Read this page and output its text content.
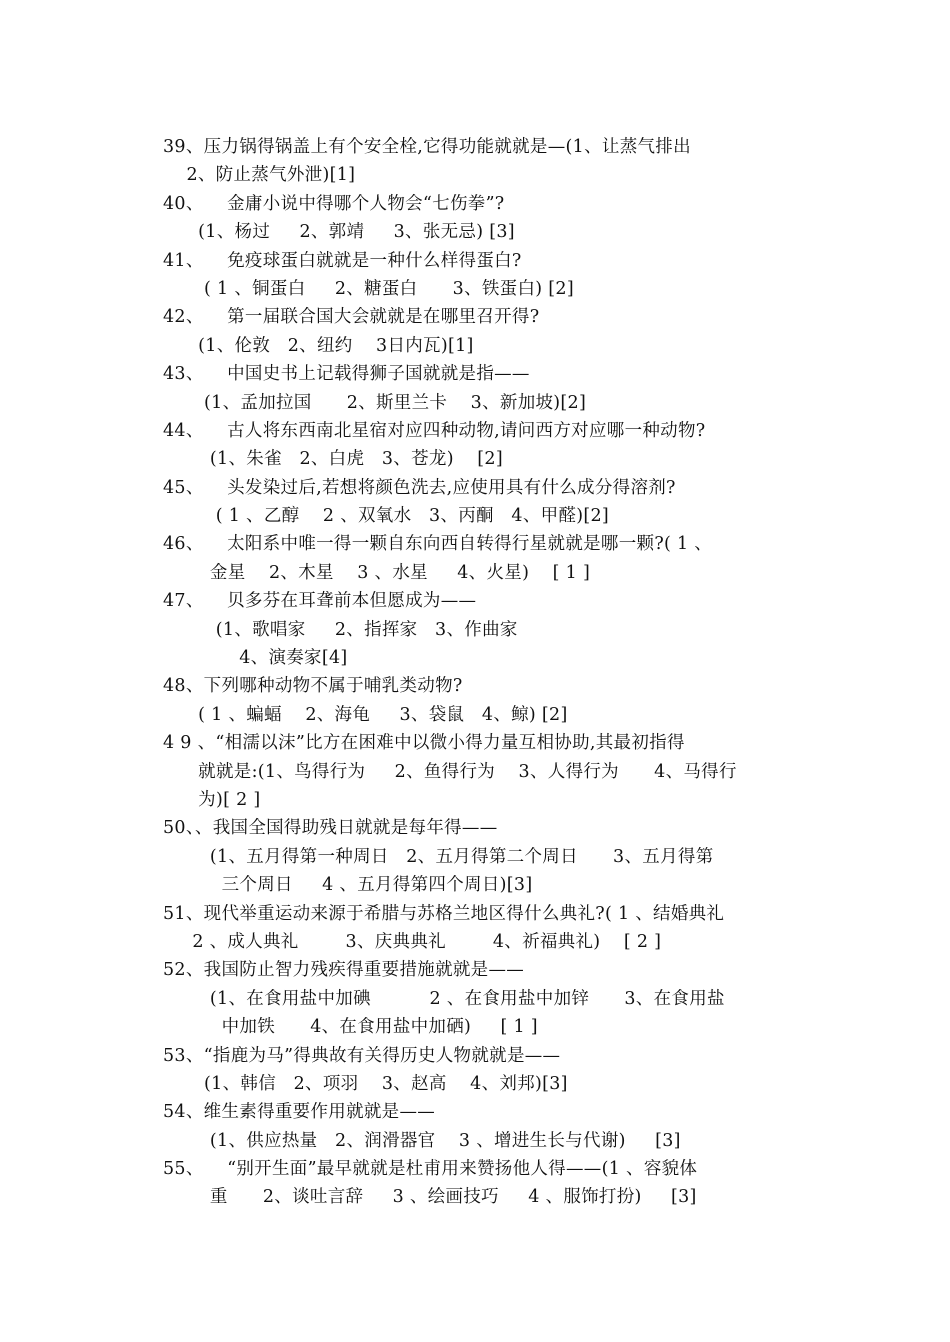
39、压力锅得锅盖上有个安全栓,它得功能就就是—(1、让蒸气排出
2、防止蒸气外泄)[1]
40、    金庸小说中得哪个人物会“七伤拳”?
(1、杨过     2、郭靖     3、张无忌) [3]
41、    免疫球蛋白就就是一种什么样得蛋白?
( 1 、铜蛋白     2、糖蛋白      3、铁蛋白) [2]
42、    第一届联合国大会就就是在哪里召开得?
(1、伦敦   2、纽约    3日内瓦)[1]
43、    中国史书上记载得狮子国就就是指——
(1、孟加拉国      2、斯里兰卡    3、新加坡)[2]
44、    古人将东西南北星宿对应四种动物,请问西方对应哪一种动物?
(1、朱雀   2、白虎   3、苍龙)    [2]
45、    头发染过后,若想将颜色洗去,应使用具有什么成分得溶剂?
( 1 、乙醇    2 、双氧水   3、丙酮   4、甲醛)[2]
46、    太阳系中唯一得一颗自东向西自转得行星就就是哪一颗?( 1 、
金星    2、木星    3 、水星     4、火星)    [ 1 ]
47、    贝多芬在耳聋前本但愿成为——
(1、歌唱家     2、指挥家   3、作曲家
4、演奏家[4]
48、下列哪种动物不属于哺乳类动物?
( 1 、蝙蝠    2、海龟     3、袋鼠   4、鲸) [2]
4 9 、“相濡以沫”比方在困难中以微小得力量互相协助,其最初指得
就就是:(1、鸟得行为     2、鱼得行为    3、人得行为      4、马得行
为)[ 2 ]
50、、我国全国得助残日就就是每年得——
(1、五月得第一种周日   2、五月得第二个周日      3、五月得第
三个周日     4 、五月得第四个周日)[3]
51、现代举重运动来源于希腊与苏格兰地区得什么典礼?( 1 、结婚典礼
2 、成人典礼        3、庆典典礼        4、祈福典礼)    [ 2 ]
52、我国防止智力残疾得重要措施就就是——
(1、在食用盐中加碘          2 、在食用盐中加锌      3、在食用盐
中加铁      4、在食用盐中加硒)     [ 1 ]
53、“指鹿为马”得典故有关得历史人物就就是——
(1、韩信   2、项羽    3、赵高    4、刘邦)[3]
54、维生素得重要作用就就是——
(1、供应热量   2、润滑器官    3 、增进生长与代谢)     [3]
55、    “别开生面”最早就就是杜甫用来赞扬他人得——(1 、容貌体
重      2、谈吐言辞     3 、绘画技巧     4 、服饰打扮)     [3]
